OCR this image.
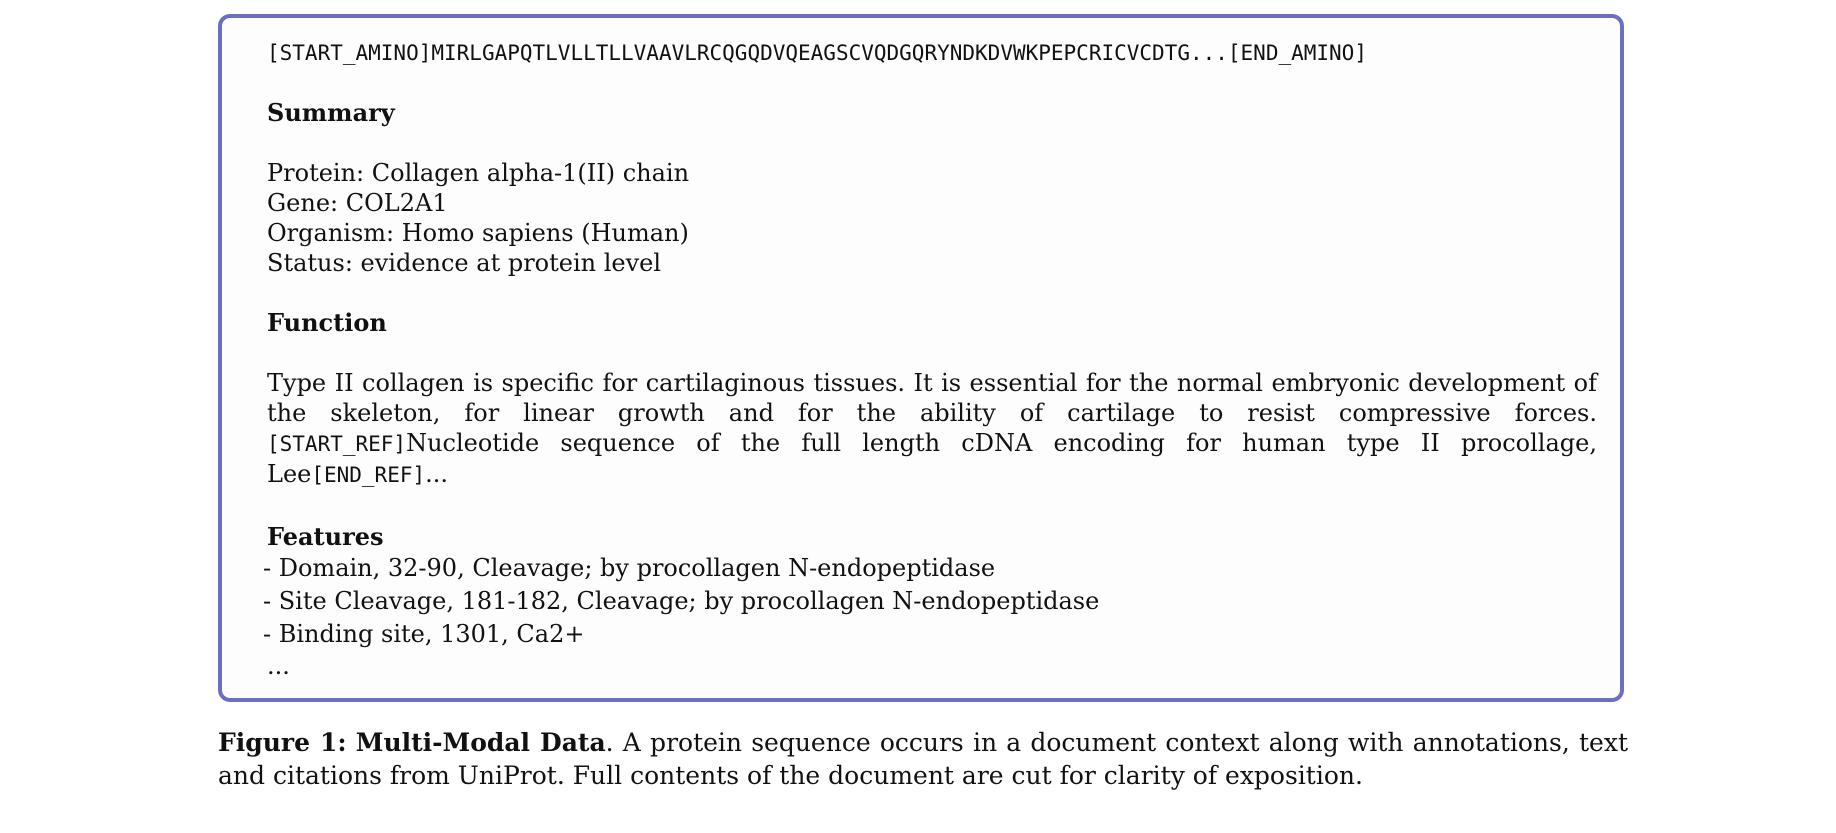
[START_AMINO]MIRLGAPQTLVLLTLLVAAVLRCQGQDVQEAGSCVQDGQRYNDKDVWKPEPCRICVCDTG...[END_AMINO]
Summary
Protein: Collagen alpha-1(II) chain
Gene: COL2A1
Organism: Homo sapiens (Human)
Status: evidence at protein level
Function
Type II collagen is specific for cartilaginous tissues. It is essential for the normal embryonic development of the skeleton, for linear growth and for the ability of cartilage to resist compressive forces. [START_REF]Nucleotide sequence of the full length cDNA encoding for human type II procollage, Lee[END_REF]...
Features
- Domain, 32-90, Cleavage; by procollagen N-endopeptidase
- Site Cleavage, 181-182, Cleavage; by procollagen N-endopeptidase
- Binding site, 1301, Ca2+
...
Figure 1: Multi-Modal Data. A protein sequence occurs in a document context along with annotations, text and citations from UniProt. Full contents of the document are cut for clarity of exposition.
